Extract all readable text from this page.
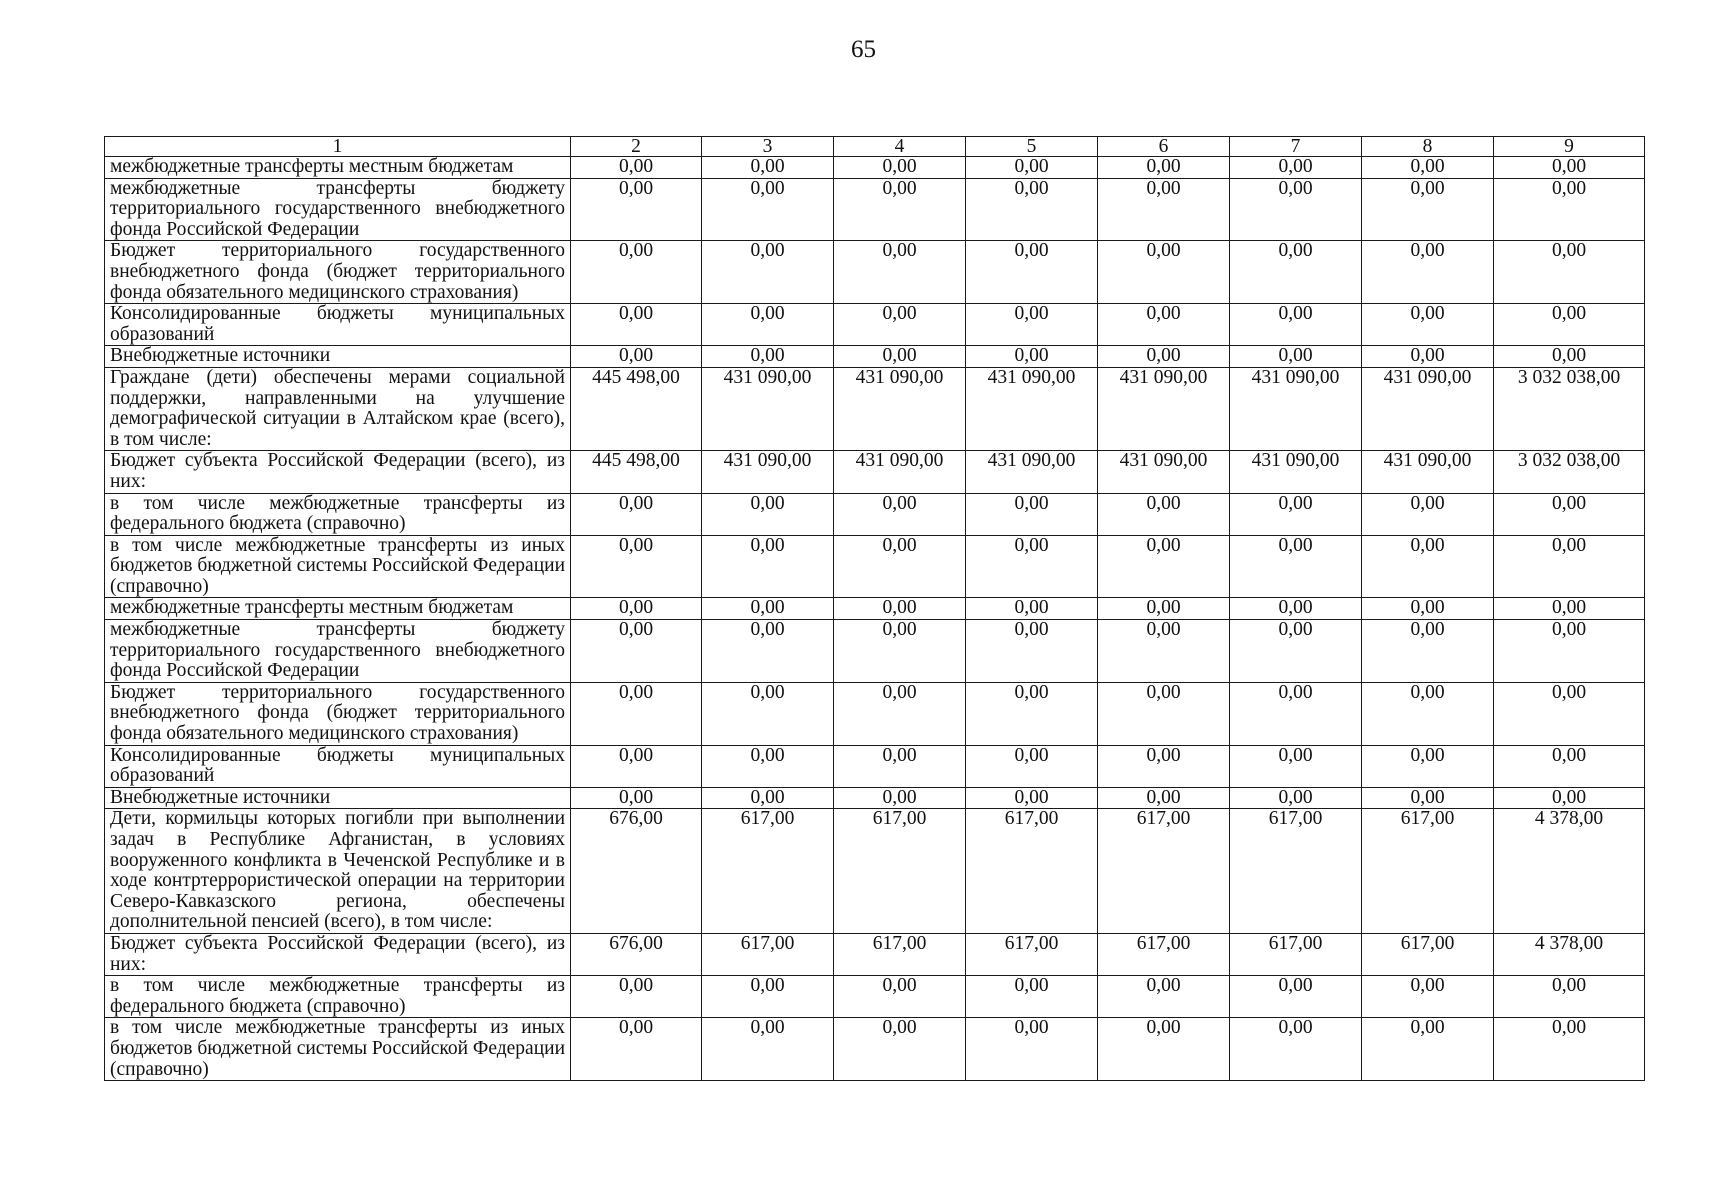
65
1	2	3	4	5	6	7	8	9
межбюджетные трансферты местным бюджетам	0,00	0,00	0,00	0,00	0,00	0,00	0,00	0,00
межбюджетные трансферты бюджету территориального государственного внебюджетного фонда Российской Федерации	0,00	0,00	0,00	0,00	0,00	0,00	0,00	0,00
Бюджет территориального государственного внебюджетного фонда (бюджет территориального фонда обязательного медицинского страхования)	0,00	0,00	0,00	0,00	0,00	0,00	0,00	0,00
Консолидированные бюджеты муниципальных образований	0,00	0,00	0,00	0,00	0,00	0,00	0,00	0,00
Внебюджетные источники	0,00	0,00	0,00	0,00	0,00	0,00	0,00	0,00
Граждане (дети) обеспечены мерами социальной поддержки, направленными на улучшение демографической ситуации в Алтайском крае (всего), в том числе:	445 498,00	431 090,00	431 090,00	431 090,00	431 090,00	431 090,00	431 090,00	3 032 038,00
Бюджет субъекта Российской Федерации (всего), из них:	445 498,00	431 090,00	431 090,00	431 090,00	431 090,00	431 090,00	431 090,00	3 032 038,00
в том числе межбюджетные трансферты из федерального бюджета (справочно)	0,00	0,00	0,00	0,00	0,00	0,00	0,00	0,00
в том числе межбюджетные трансферты из иных бюджетов бюджетной системы Российской Федерации (справочно)	0,00	0,00	0,00	0,00	0,00	0,00	0,00	0,00
межбюджетные трансферты местным бюджетам	0,00	0,00	0,00	0,00	0,00	0,00	0,00	0,00
межбюджетные трансферты бюджету территориального государственного внебюджетного фонда Российской Федерации	0,00	0,00	0,00	0,00	0,00	0,00	0,00	0,00
Бюджет территориального государственного внебюджетного фонда (бюджет территориального фонда обязательного медицинского страхования)	0,00	0,00	0,00	0,00	0,00	0,00	0,00	0,00
Консолидированные бюджеты муниципальных образований	0,00	0,00	0,00	0,00	0,00	0,00	0,00	0,00
Внебюджетные источники	0,00	0,00	0,00	0,00	0,00	0,00	0,00	0,00
Дети, кормильцы которых погибли при выполнении задач в Республике Афганистан, в условиях вооруженного конфликта в Чеченской Республике и в ходе контртеррористической операции на территории Северо-Кавказского региона, обеспечены дополнительной пенсией (всего), в том числе:	676,00	617,00	617,00	617,00	617,00	617,00	617,00	4 378,00
Бюджет субъекта Российской Федерации (всего), из них:	676,00	617,00	617,00	617,00	617,00	617,00	617,00	4 378,00
в том числе межбюджетные трансферты из федерального бюджета (справочно)	0,00	0,00	0,00	0,00	0,00	0,00	0,00	0,00
в том числе межбюджетные трансферты из иных бюджетов бюджетной системы Российской Федерации (справочно)	0,00	0,00	0,00	0,00	0,00	0,00	0,00	0,00
